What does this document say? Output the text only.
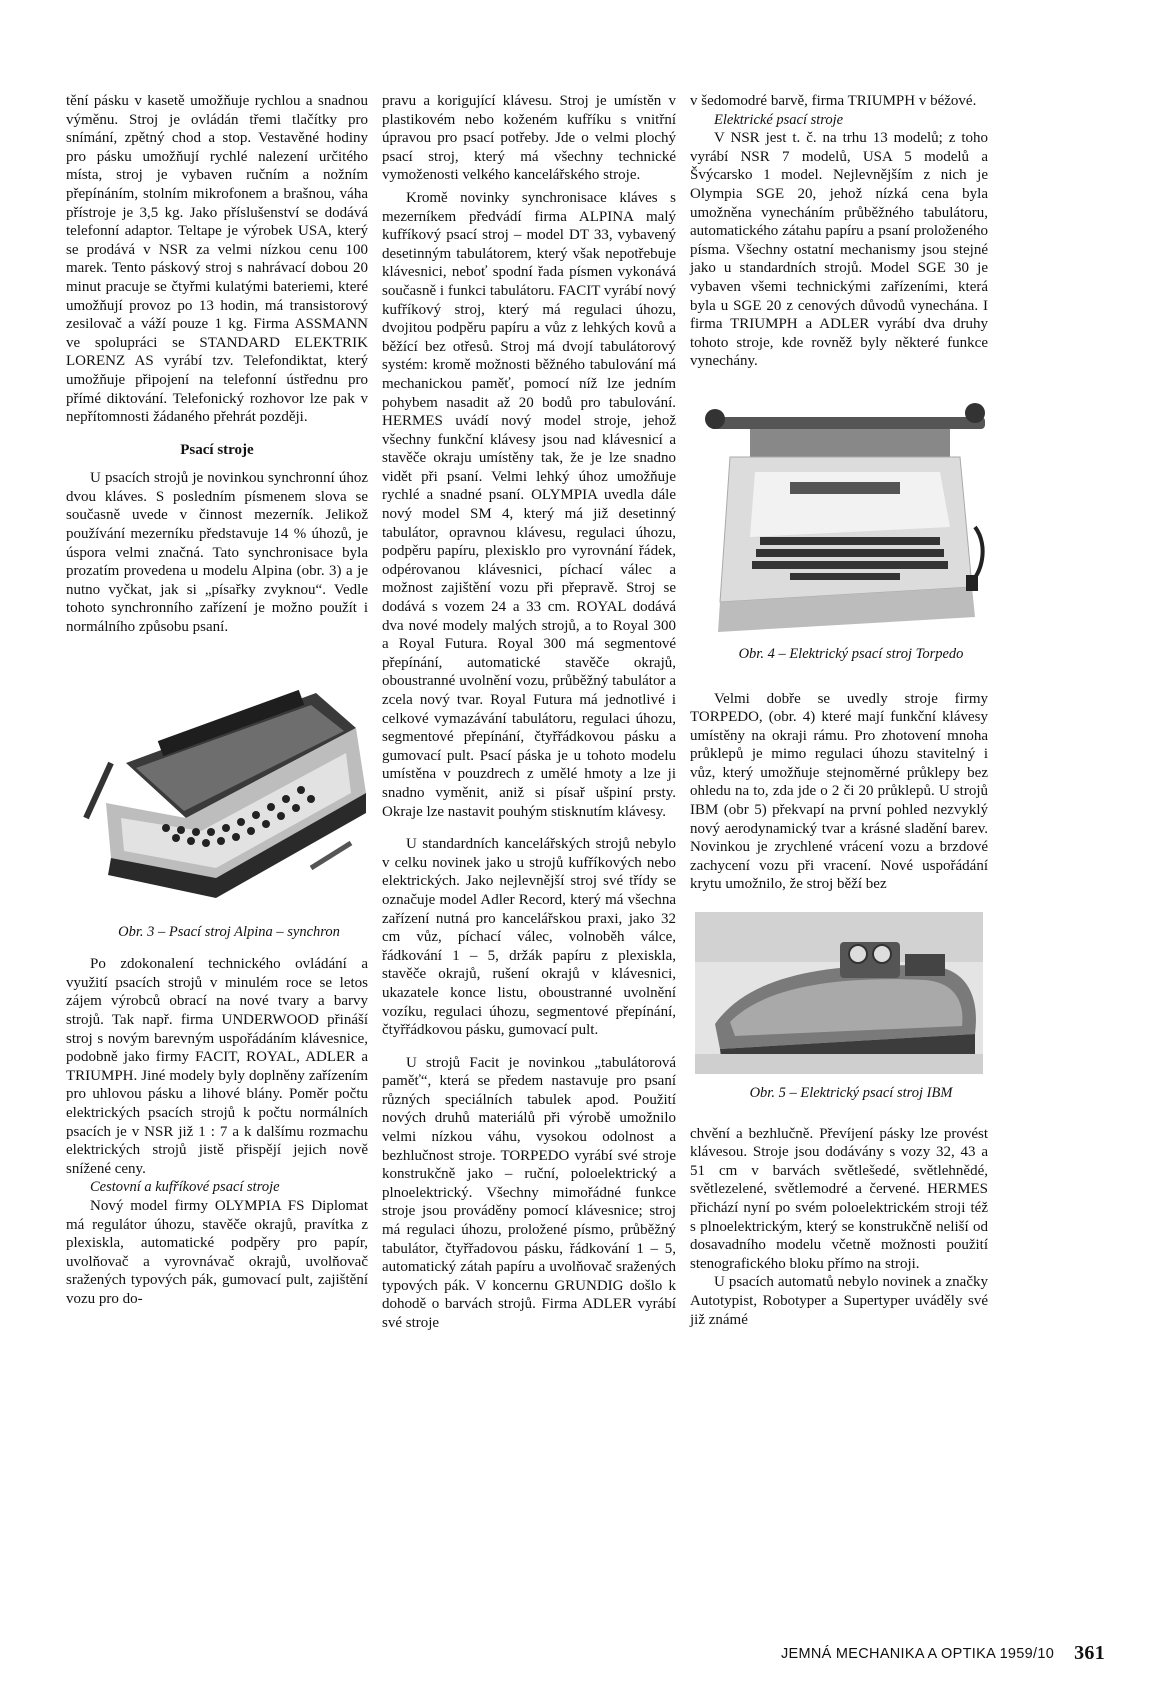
tění pásku v kasetě umožňuje rychlou a snadnou výměnu. Stroj je ovládán třemi tlačítky pro snímání, zpětný chod a stop. Vestavěné hodiny pro pásku umožňují rychlé nalezení určitého místa, stroj je vybaven ručním a nožním přepínáním, stolním mikrofonem a brašnou, váha přístroje je 3,5 kg. Jako příslušenství se dodává telefonní adaptor. Teltape je výrobek USA, který se prodává v NSR za velmi nízkou cenu 100 marek. Tento páskový stroj s nahrávací dobou 20 minut pracuje se čtyřmi kulatými bateriemi, které umožňují provoz po 13 hodin, má transistorový zesilovač a váží pouze 1 kg. Firma ASSMANN ve spolupráci se STANDARD ELEKTRIK LORENZ AS vyrábí tzv. Telefondiktat, který umožňuje připojení na telefonní ústřednu pro přímé diktování. Telefonický rozhovor lze pak v nepřítomnosti žádaného přehrát později.

Psací stroje

U psacích strojů je novinkou synchronní úhoz dvou kláves. S posledním písmenem slova se současně uvede v činnost mezerník. Jelikož používání mezerníku představuje 14 % úhozů, je úspora velmi značná. Tato synchronisace byla prozatím provedena u modelu Alpina (obr. 3) a je nutno vyčkat, jak si „písařky zvyknou“. Vedle tohoto synchronního zařízení je možno použít i normálního způsobu psaní.

Obr. 3 – Psací stroj Alpina – synchron

Po zdokonalení technického ovládání a využití psacích strojů v minulém roce se letos zájem výrobců obrací na nové tvary a barvy strojů. Tak např. firma UNDERWOOD přináší stroj s novým barevným uspořádáním klávesnice, podobně jako firmy FACIT, ROYAL, ADLER a TRIUMPH. Jiné modely byly doplněny zařízením pro uhlovou pásku a lihové blány. Poměr počtu elektrických psacích strojů k počtu normálních psacích je v NSR již 1 : 7 a k dalšímu rozmachu elektrických strojů jistě přispějí jejich nově snížené ceny.

Cestovní a kufříkové psací stroje

Nový model firmy OLYMPIA FS Diplomat má regulátor úhozu, stavěče okrajů, pravítka z plexiskla, automatické podpěry pro papír, uvolňovač a vyrovnávač okrajů, uvolňovač sražených typových pák, gumovací pult, zajištění vozu pro do-

pravu a korigující klávesu. Stroj je umístěn v plastikovém nebo koženém kufříku s vnitřní úpravou pro psací potřeby. Jde o velmi plochý psací stroj, který má všechny technické vymoženosti velkého kancelářského stroje.

Kromě novinky synchronisace kláves s mezerníkem předvádí firma ALPINA malý kufříkový psací stroj – model DT 33, vybavený desetinným tabulátorem, který však nepotřebuje klávesnici, neboť spodní řada písmen vykonává současně i funkci tabulátoru. FACIT vyrábí nový kufříkový stroj, který má regulaci úhozu, dvojitou podpěru papíru a vůz z lehkých kovů a běžící bez otřesů. Stroj má dvojí tabulátorový systém: kromě možnosti běžného tabulování má mechanickou paměť, pomocí níž lze jedním pohybem nasadit až 20 bodů pro tabulování. HERMES uvádí nový model stroje, jehož všechny funkční klávesy jsou nad klávesnicí a stavěče okraju umístěny tak, že je lze snadno vidět při psaní. Velmi lehký úhoz umožňuje rychlé a snadné psaní. OLYMPIA uvedla dále nový model SM 4, který má již desetinný tabulátor, opravnou klávesu, regulaci úhozu, podpěru papíru, plexisklo pro vyrovnání řádek, odpérovanou klávesnici, píchací válec a možnost zajištění vozu při přepravě. Stroj se dodává s vozem 24 a 33 cm. ROYAL dodává dva nové modely malých strojů, a to Royal 300 a Royal Futura. Royal 300 má segmentové přepínání, automatické stavěče okrajů, oboustranné uvolnění vozu, průběžný tabulátor a zcela nový tvar. Royal Futura má jednotlivé i celkové vymazávání tabulátoru, regulaci úhozu, segmentové přepínání, čtyřřádkovou pásku a gumovací pult. Psací páska je u tohoto modelu umístěna v pouzdrech z umělé hmoty a lze ji snadno vyměnit, aniž si písař ušpiní prsty. Okraje lze nastavit pouhým stisknutím klávesy.

U standardních kancelářských strojů nebylo v celku novinek jako u strojů kufříkových nebo elektrických. Jako nejlevnější stroj své třídy se označuje model Adler Record, který má všechna zařízení nutná pro kancelářskou praxi, jako 32 cm vůz, píchací válec, volnoběh válce, řádkování 1 – 5, držák papíru z plexiskla, stavěče okrajů, rušení okrajů v klávesnici, ukazatele konce listu, oboustranné uvolnění vozíku, regulaci úhozu, segmentové přepínání, čtyřřádkovou pásku, gumovací pult.

U strojů Facit je novinkou „tabulátorová paměť“, která se předem nastavuje pro psaní různých speciálních tabulek apod. Použití nových druhů materiálů při výrobě umožnilo velmi nízkou váhu, vysokou odolnost a bezhlučnost stroje. TORPEDO vyrábí své stroje konstrukčně jako – ruční, poloelektrický a plnoelektrický. Všechny mimořádné funkce stroje jsou prováděny pomocí klávesnice; stroj má regulaci úhozu, proložené písmo, průběžný tabulátor, čtyřřadovou pásku, řádkování 1 – 5, automatický zátah papíru a uvolňovač sražených typových pák. V koncernu GRUNDIG došlo k dohodě o barvách strojů. Firma ADLER vyrábí své stroje

v šedomodré barvě, firma TRIUMPH v béžové.

Elektrické psací stroje

V NSR jest t. č. na trhu 13 modelů; z toho vyrábí NSR 7 modelů, USA 5 modelů a Švýcarsko 1 model. Nejlevnějším z nich je Olympia SGE 20, jehož nízká cena byla umožněna vynecháním průběžného tabulátoru, automatického zátahu papíru a psaní proloženého písma. Všechny ostatní mechanismy jsou stejné jako u standardních strojů. Model SGE 30 je vybaven všemi technickými zařízeními, která byla u SGE 20 z cenových důvodů vynechána. I firma TRIUMPH a ADLER vyrábí dva druhy tohoto stroje, kde rovněž byly některé funkce vynechány.

Obr. 4 – Elektrický psací stroj Torpedo

Velmi dobře se uvedly stroje firmy TORPEDO, (obr. 4) které mají funkční klávesy umístěny na okraji rámu. Pro zhotovení mnoha průklepů je mimo regulaci úhozu stavitelný i vůz, který umožňuje stejnoměrné průklepy bez ohledu na to, zda jde o 2 či 20 průklepů. U strojů IBM (obr 5) překvapí na první pohled nezvyklý nový aerodynamický tvar a krásné sladění barev. Novinkou je zrychlené vrácení vozu a brzdové zachycení vozu při vracení. Nové uspořádání krytu umožnilo, že stroj běží bez

Obr. 5 – Elektrický psací stroj IBM

chvění a bezhlučně. Převíjení pásky lze provést klávesou. Stroje jsou dodávány s vozy 32, 43 a 51 cm v barvách světlešedé, světlehnědé, světlezelené, světlemodré a červené. HERMES přichází nyní po svém poloelektrickém stroji též s plnoelektrickým, který se konstrukčně neliší od dosavadního modelu včetně možnosti použití stenografického bloku přímo na stroji.

U psacích automatů nebylo novinek a značky Autotypist, Robotyper a Supertyper uváděly své již známé

JEMNÁ MECHANIKA A OPTIKA 1959/10 361
